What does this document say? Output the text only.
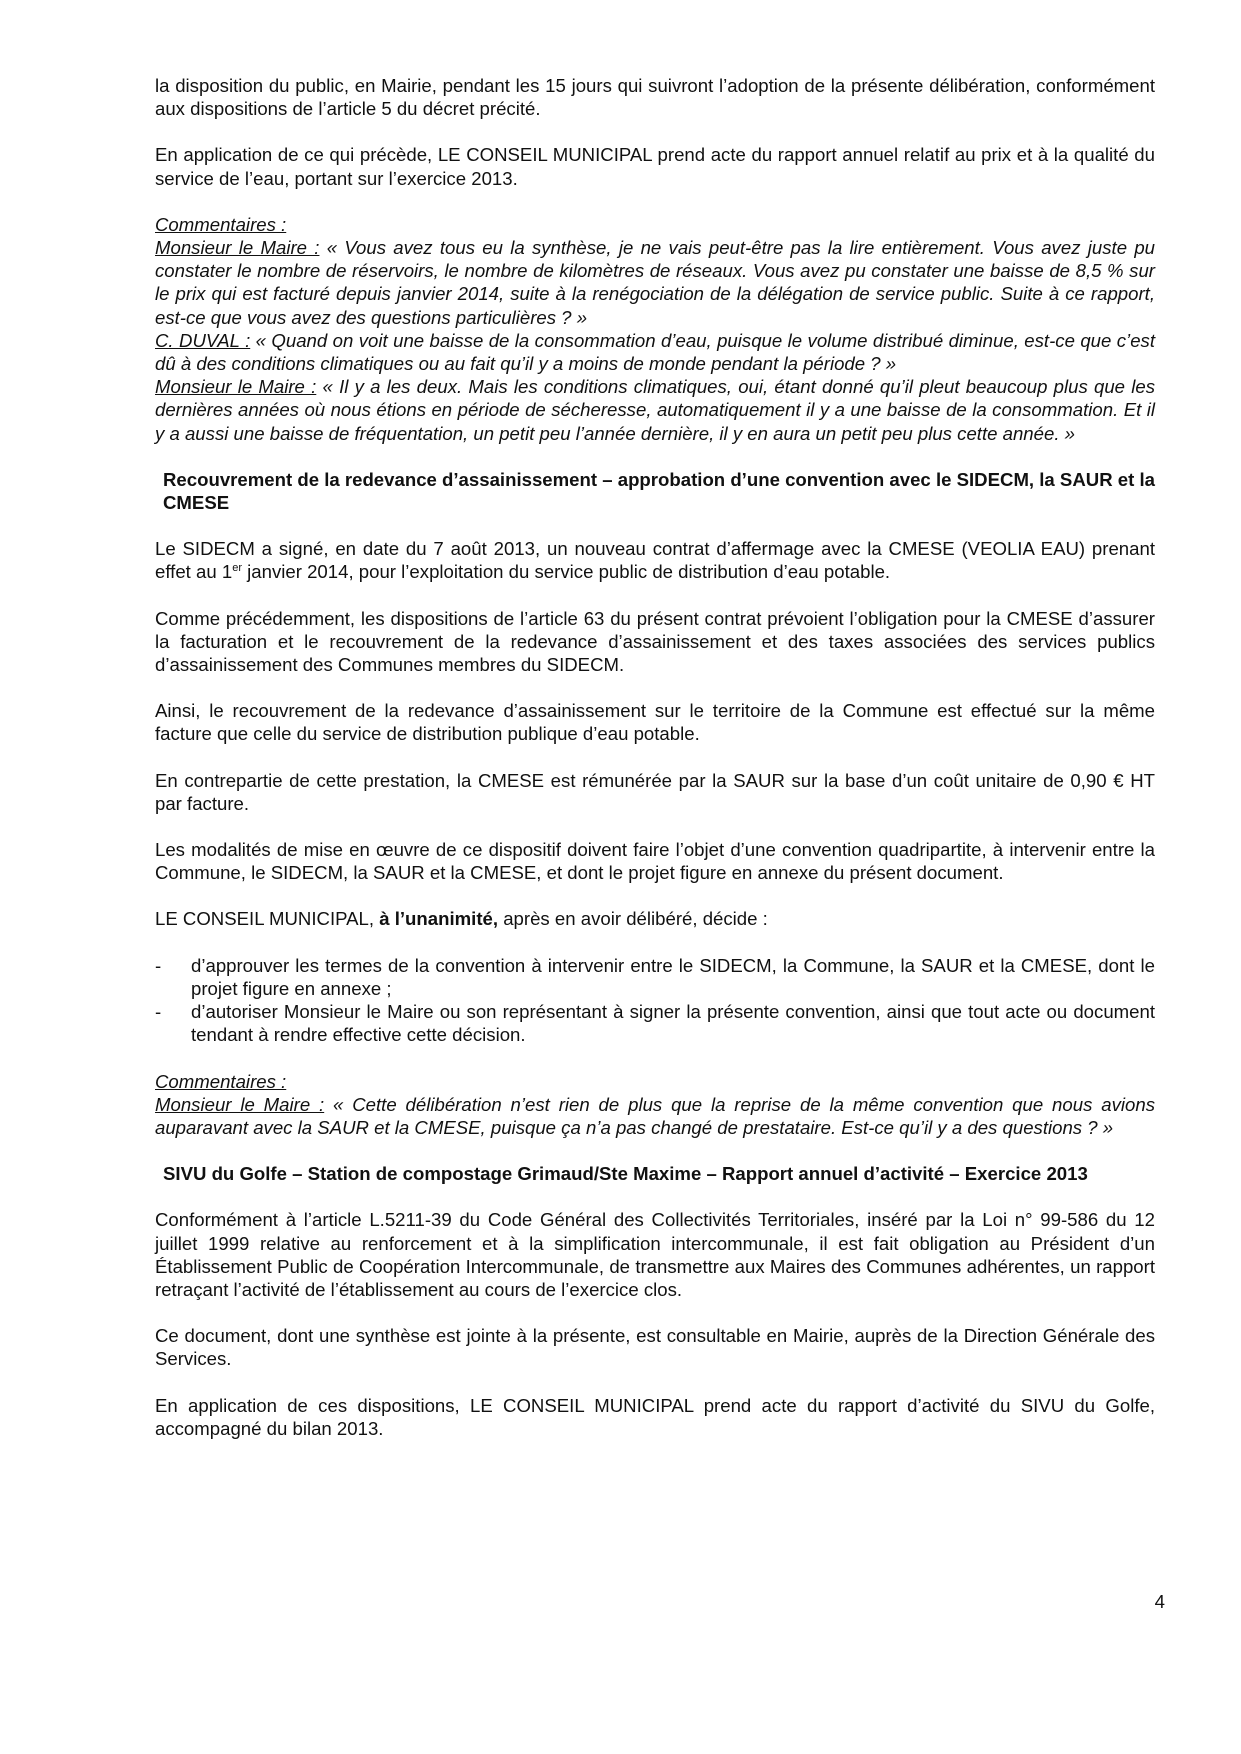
la disposition du public, en Mairie, pendant les 15 jours qui suivront l’adoption de la présente délibération, conformément aux dispositions de l’article 5 du décret précité.

En application de ce qui précède, LE CONSEIL MUNICIPAL prend acte du rapport annuel relatif au prix et à la qualité du service de l’eau, portant sur l’exercice 2013.

Commentaires :

Monsieur le Maire : « Vous avez tous eu la synthèse, je ne vais peut-être pas la lire entièrement. Vous avez juste pu constater le nombre de réservoirs, le nombre de kilomètres de réseaux. Vous avez pu constater une baisse de 8,5 % sur le prix qui est facturé depuis janvier 2014, suite à la renégociation de la délégation de service public. Suite à ce rapport, est-ce que vous avez des questions particulières ? »

C. DUVAL : « Quand on voit une baisse de la consommation d’eau, puisque le volume distribué diminue, est-ce que c’est dû à des conditions climatiques ou au fait qu’il y a moins de monde pendant la période ? »

Monsieur le Maire : « Il y a les deux. Mais les conditions climatiques, oui, étant donné qu’il pleut beaucoup plus que les dernières années où nous étions en période de sécheresse, automatiquement il y a une baisse de la consommation. Et il y a aussi une baisse de fréquentation, un petit peu l’année dernière, il y en aura un petit peu plus cette année. »

Recouvrement de la redevance d’assainissement – approbation d’une convention avec le SIDECM, la SAUR et la CMESE

Le SIDECM a signé, en date du 7 août 2013, un nouveau contrat d’affermage avec la CMESE (VEOLIA EAU) prenant effet au 1er janvier 2014, pour l’exploitation du service public de distribution d’eau potable.

Comme précédemment, les dispositions de l’article 63 du présent contrat prévoient l’obligation pour la CMESE d’assurer la facturation et le recouvrement de la redevance d’assainissement et des taxes associées des services publics d’assainissement des Communes membres du SIDECM.

Ainsi, le recouvrement de la redevance d’assainissement sur le territoire de la Commune est effectué sur la même facture que celle du service de distribution publique d’eau potable.

En contrepartie de cette prestation, la CMESE est rémunérée par la SAUR sur la base d’un coût unitaire de 0,90 € HT par facture.

Les modalités de mise en œuvre de ce dispositif doivent faire l’objet d’une convention quadripartite, à intervenir entre la Commune, le SIDECM, la SAUR et la CMESE, et dont le projet figure en annexe du présent document.

LE CONSEIL MUNICIPAL, à l’unanimité, après en avoir délibéré, décide :

-	d’approuver les termes de la convention à intervenir entre le SIDECM, la Commune, la SAUR et la CMESE, dont le projet figure en annexe ;
-	d’autoriser Monsieur le Maire ou son représentant à signer la présente convention, ainsi que tout acte ou document tendant à rendre effective cette décision.

Commentaires :

Monsieur le Maire : « Cette délibération n’est rien de plus que la reprise de la même convention que nous avions auparavant avec la SAUR et la CMESE, puisque ça n’a pas changé de prestataire. Est-ce qu’il y a des questions ? »

SIVU du Golfe – Station de compostage Grimaud/Ste Maxime – Rapport annuel d’activité – Exercice 2013

Conformément à l’article L.5211-39 du Code Général des Collectivités Territoriales, inséré par la Loi n° 99-586 du 12 juillet 1999 relative au renforcement et à la simplification intercommunale, il est fait obligation au Président d’un Établissement Public de Coopération Intercommunale, de transmettre aux Maires des Communes adhérentes, un rapport retraçant l’activité de l’établissement au cours de l’exercice clos.

Ce document, dont une synthèse est jointe à la présente, est consultable en Mairie, auprès de la Direction Générale des Services.

En application de ces dispositions, LE CONSEIL MUNICIPAL prend acte du rapport d’activité du SIVU du Golfe, accompagné du bilan 2013.

4
